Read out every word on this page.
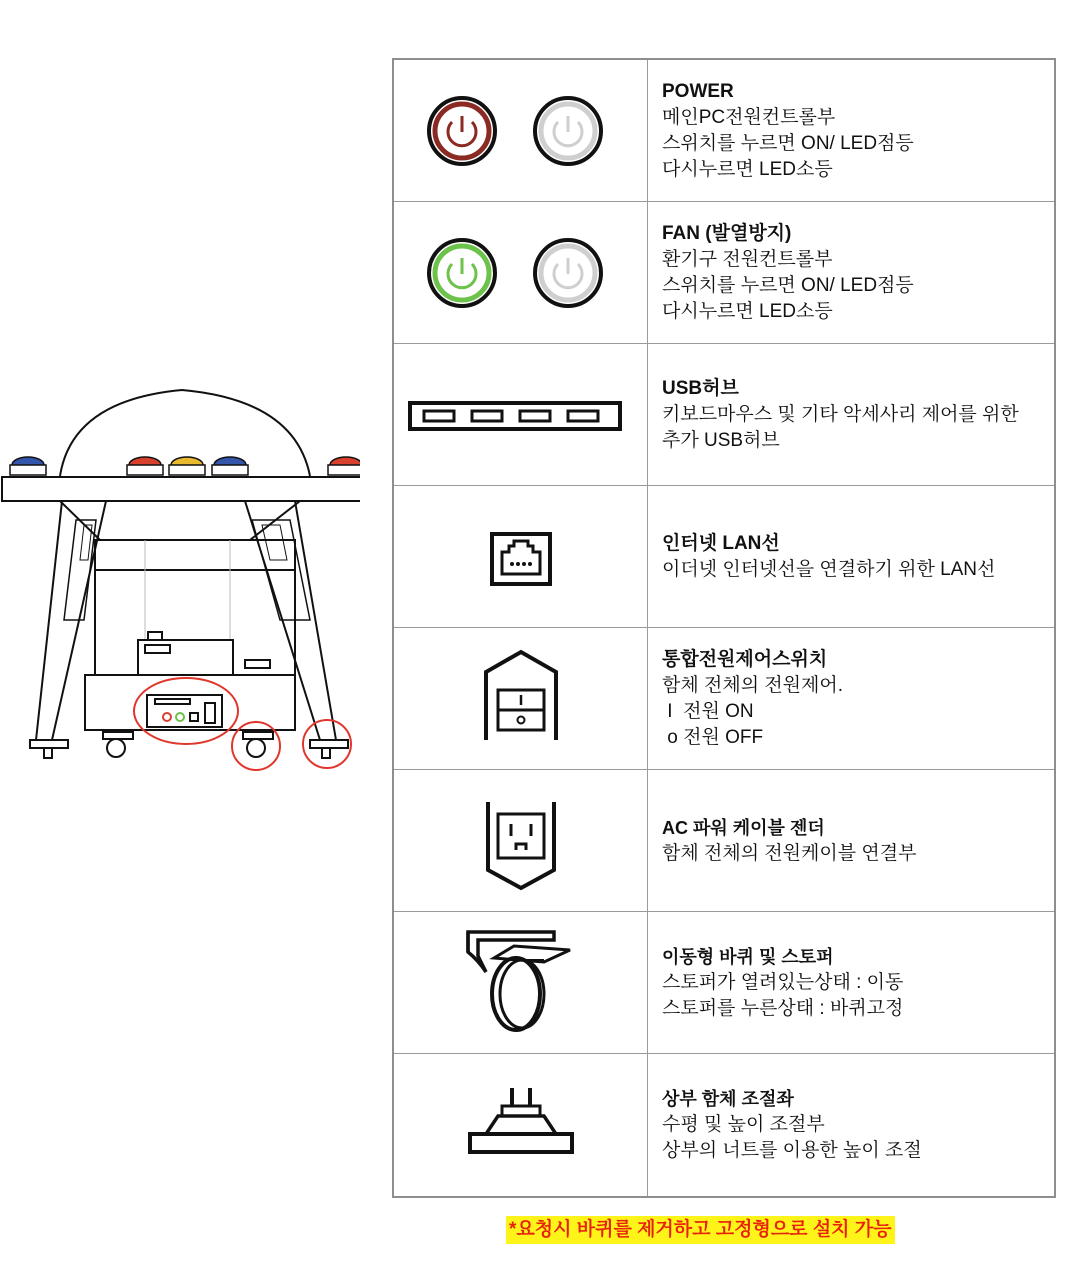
POWER
메인PC전원컨트롤부
스위치를 누르면 ON/ LED점등
다시누르면 LED소등
FAN (발열방지)
환기구 전원컨트롤부
스위치를 누르면 ON/ LED점등
다시누르면 LED소등
USB허브
키보드마우스 및 기타 악세사리 제어를 위한
추가 USB허브
인터넷 LAN선
이더넷 인터넷선을 연결하기 위한 LAN선
통합전원제어스위치
함체 전체의 전원제어.
I  전원 ON
o 전원 OFF
AC 파워 케이블 젠더
함체 전체의 전원케이블 연결부
이동형 바퀴 및 스토퍼
스토퍼가 열려있는상태 : 이동
스토퍼를 누른상태 : 바퀴고정
상부 함체 조절좌
수평 및 높이 조절부
상부의 너트를 이용한 높이 조절
*요청시 바퀴를 제거하고 고정형으로 설치 가능
